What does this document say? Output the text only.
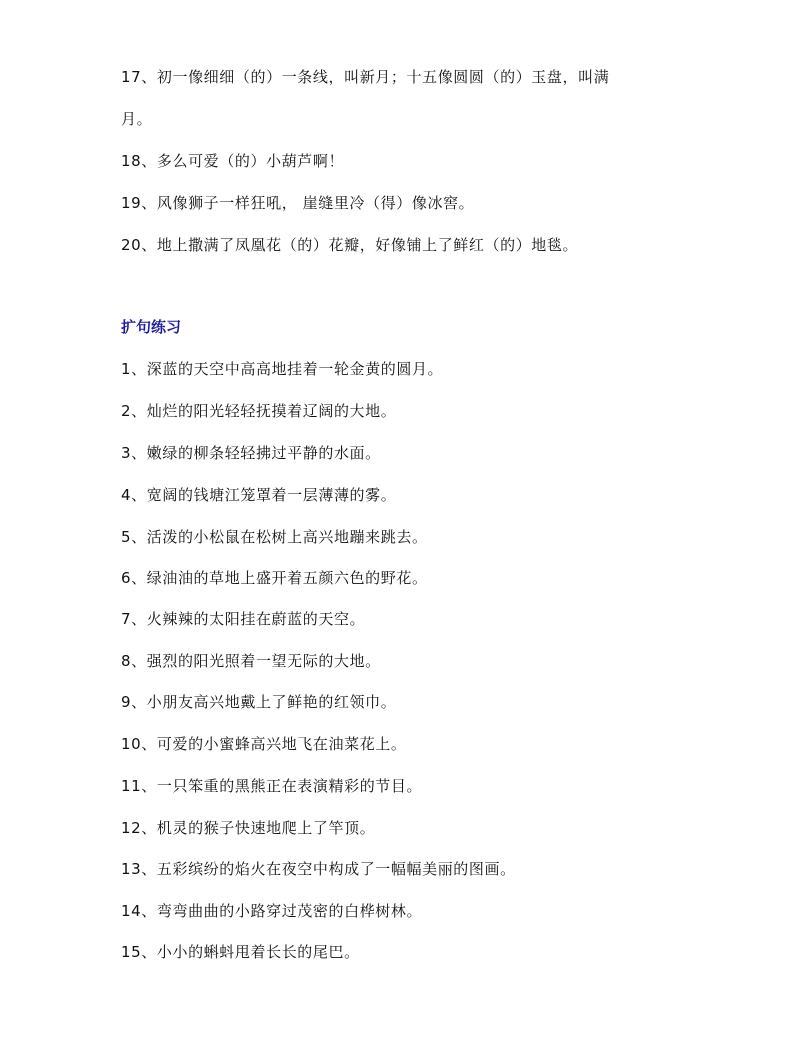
17、初一像细细（的）一条线，叫新月；十五像圆圆（的）玉盘，叫满
月。
18、多么可爱（的）小葫芦啊！
19、风像狮子一样狂吼， 崖缝里冷（得）像冰窖。
20、地上撒满了凤凰花（的）花瓣，好像铺上了鲜红（的）地毯。
扩句练习
1、深蓝的天空中高高地挂着一轮金黄的圆月。
2、灿烂的阳光轻轻抚摸着辽阔的大地。
3、嫩绿的柳条轻轻拂过平静的水面。
4、宽阔的钱塘江笼罩着一层薄薄的雾。
5、活泼的小松鼠在松树上高兴地蹦来跳去。
6、绿油油的草地上盛开着五颜六色的野花。
7、火辣辣的太阳挂在蔚蓝的天空。
8、强烈的阳光照着一望无际的大地。
9、小朋友高兴地戴上了鲜艳的红领巾。
10、可爱的小蜜蜂高兴地飞在油菜花上。
11、一只笨重的黑熊正在表演精彩的节目。
12、机灵的猴子快速地爬上了竿顶。
13、五彩缤纷的焰火在夜空中构成了一幅幅美丽的图画。
14、弯弯曲曲的小路穿过茂密的白桦树林。
15、小小的蝌蚪甩着长长的尾巴。
